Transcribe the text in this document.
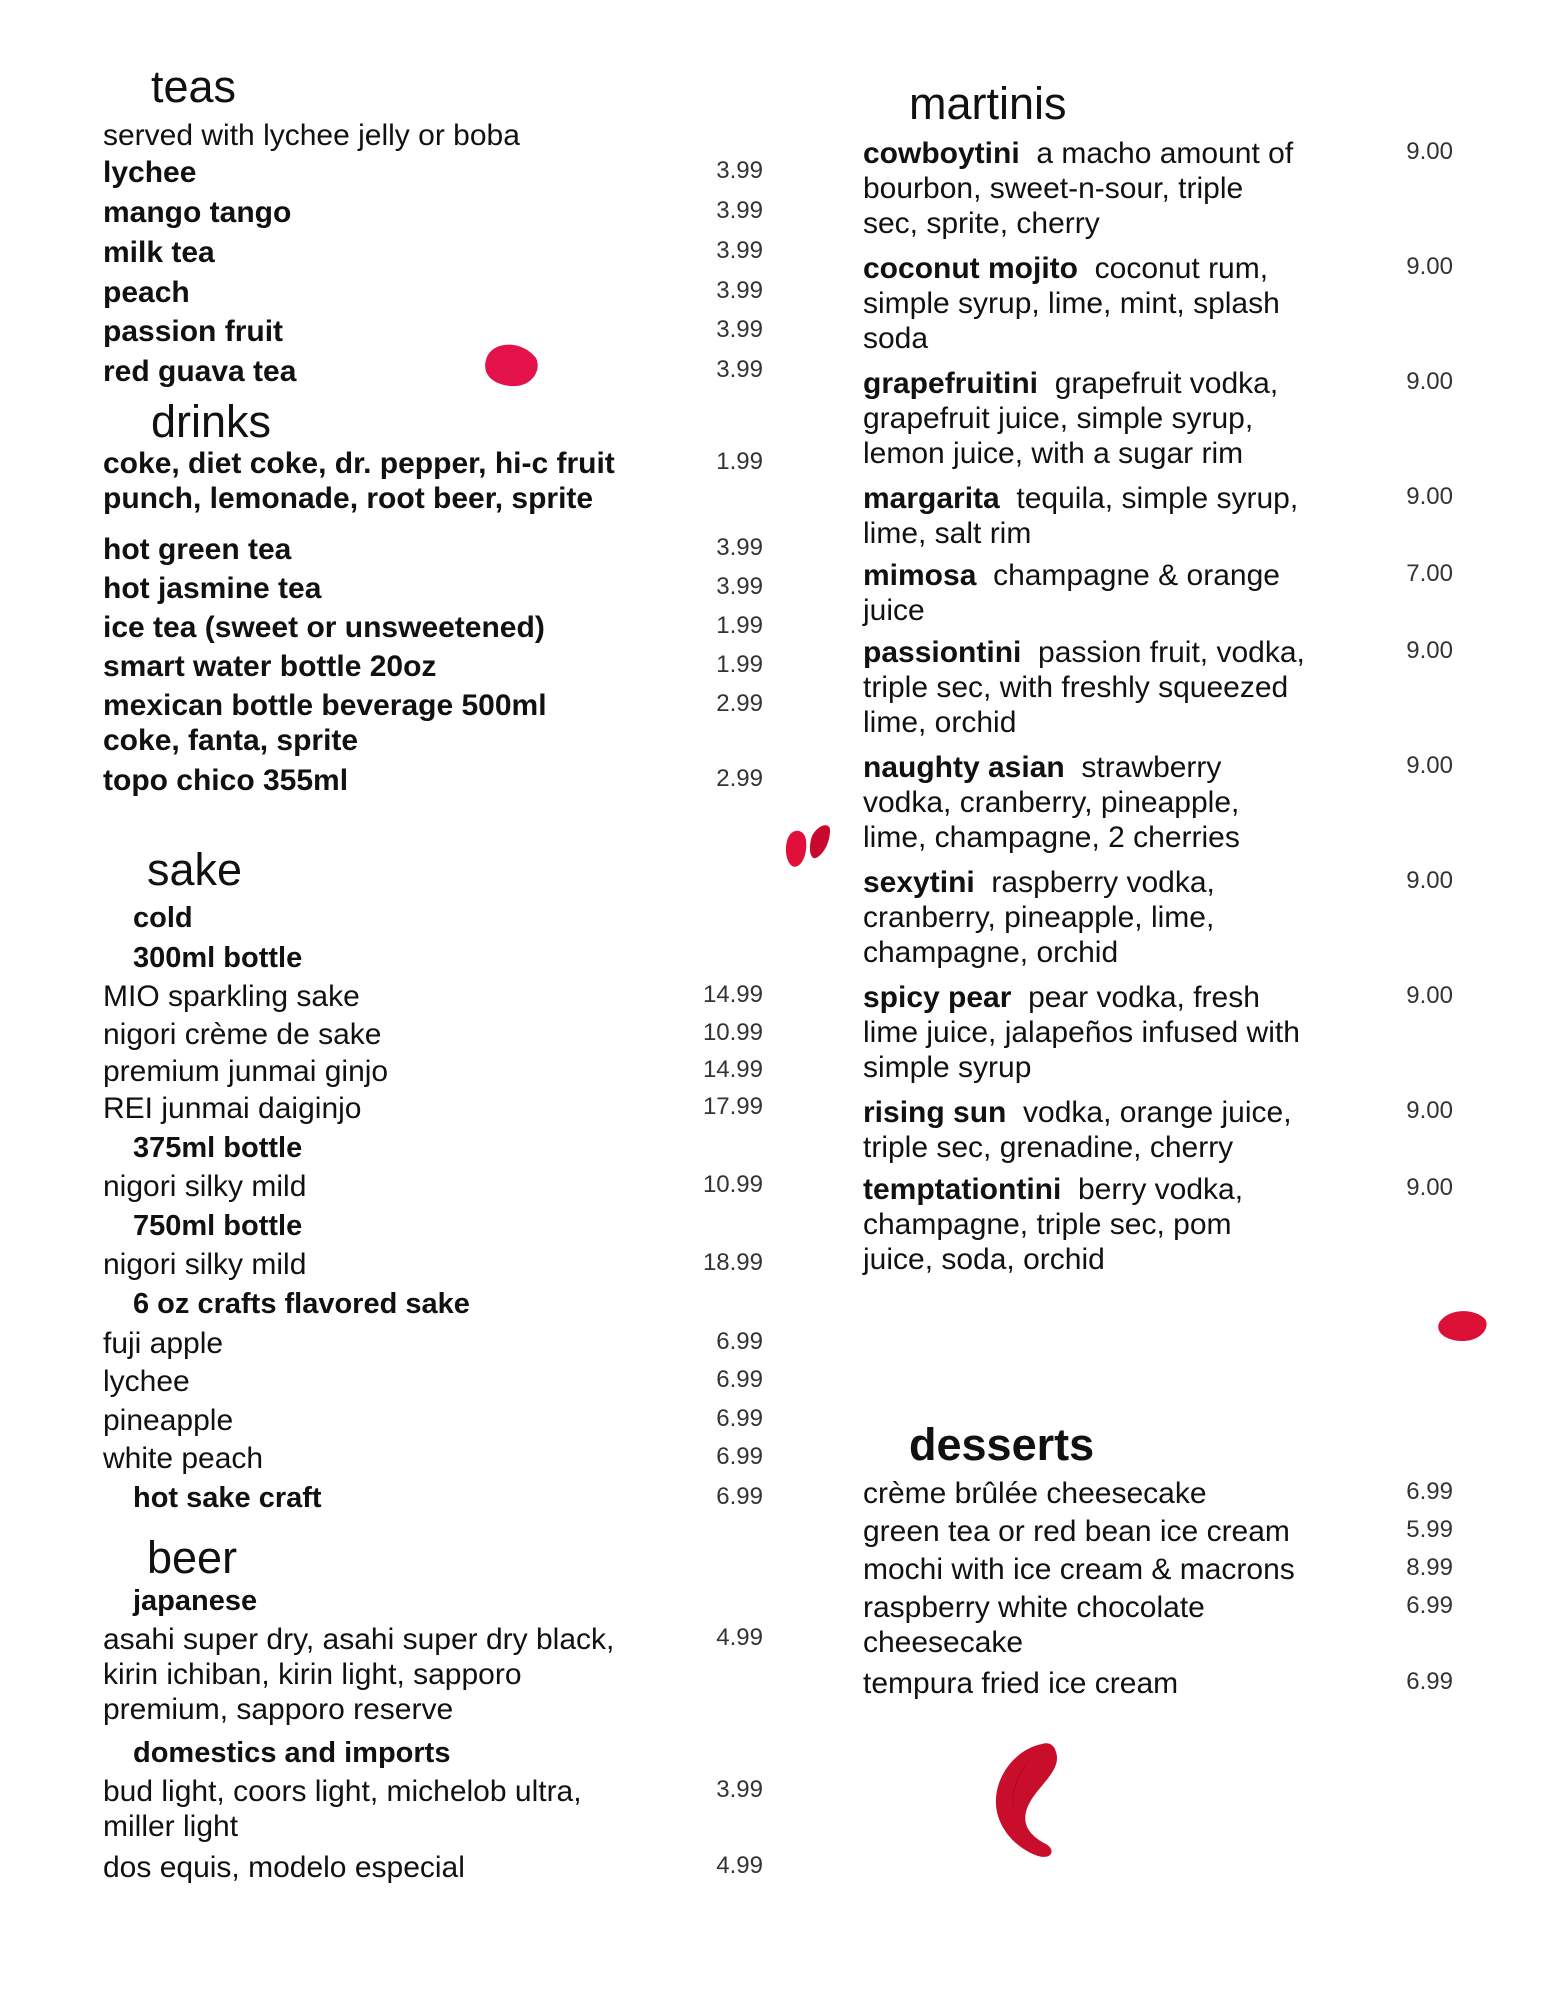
teas
served with lychee jelly or boba
lychee	3.99
mango tango	3.99
milk tea	3.99
peach	3.99
passion fruit	3.99
red guava tea	3.99
drinks
coke, diet coke, dr. pepper, hi-c fruit
punch, lemonade, root beer, sprite
1.99
hot green tea	3.99
hot jasmine tea	3.99
ice tea (sweet or unsweetened)	1.99
smart water bottle 20oz	1.99
mexican bottle beverage 500ml
coke, fanta, sprite
2.99
topo chico 355ml	2.99
sake
cold
300ml bottle
MIO sparkling sake	14.99
nigori crème de sake	10.99
premium junmai ginjo	14.99
REI junmai daiginjo	17.99
375ml bottle
nigori silky mild	10.99
750ml bottle
nigori silky mild	18.99
6 oz crafts flavored sake
fuji apple	6.99
lychee	6.99
pineapple	6.99
white peach	6.99
hot sake craft	6.99
beer
japanese
asahi super dry, asahi super dry black,
kirin ichiban, kirin light, sapporo
premium, sapporo reserve
4.99
domestics and imports
bud light, coors light, michelob ultra,
miller light
3.99
dos equis, modelo especial	4.99
martinis
cowboytini a macho amount of
bourbon, sweet-n-sour, triple
sec, sprite, cherry
9.00
coconut mojito coconut rum,
simple syrup, lime, mint, splash
soda
9.00
grapefruitini grapefruit vodka,
grapefruit juice, simple syrup,
lemon juice, with a sugar rim
9.00
margarita tequila, simple syrup,
lime, salt rim
9.00
mimosa champagne & orange
juice
7.00
passiontini passion fruit, vodka,
triple sec, with freshly squeezed
lime, orchid
9.00
naughty asian strawberry
vodka, cranberry, pineapple,
lime, champagne, 2 cherries
9.00
sexytini raspberry vodka,
cranberry, pineapple, lime,
champagne, orchid
9.00
spicy pear pear vodka, fresh
lime juice, jalapeños infused with
simple syrup
9.00
rising sun vodka, orange juice,
triple sec, grenadine, cherry
9.00
temptationtini berry vodka,
champagne, triple sec, pom
juice, soda, orchid
9.00
desserts
crème brûlée cheesecake	6.99
green tea or red bean ice cream	5.99
mochi with ice cream & macrons	8.99
raspberry white chocolate
cheesecake
6.99
tempura fried ice cream	6.99
